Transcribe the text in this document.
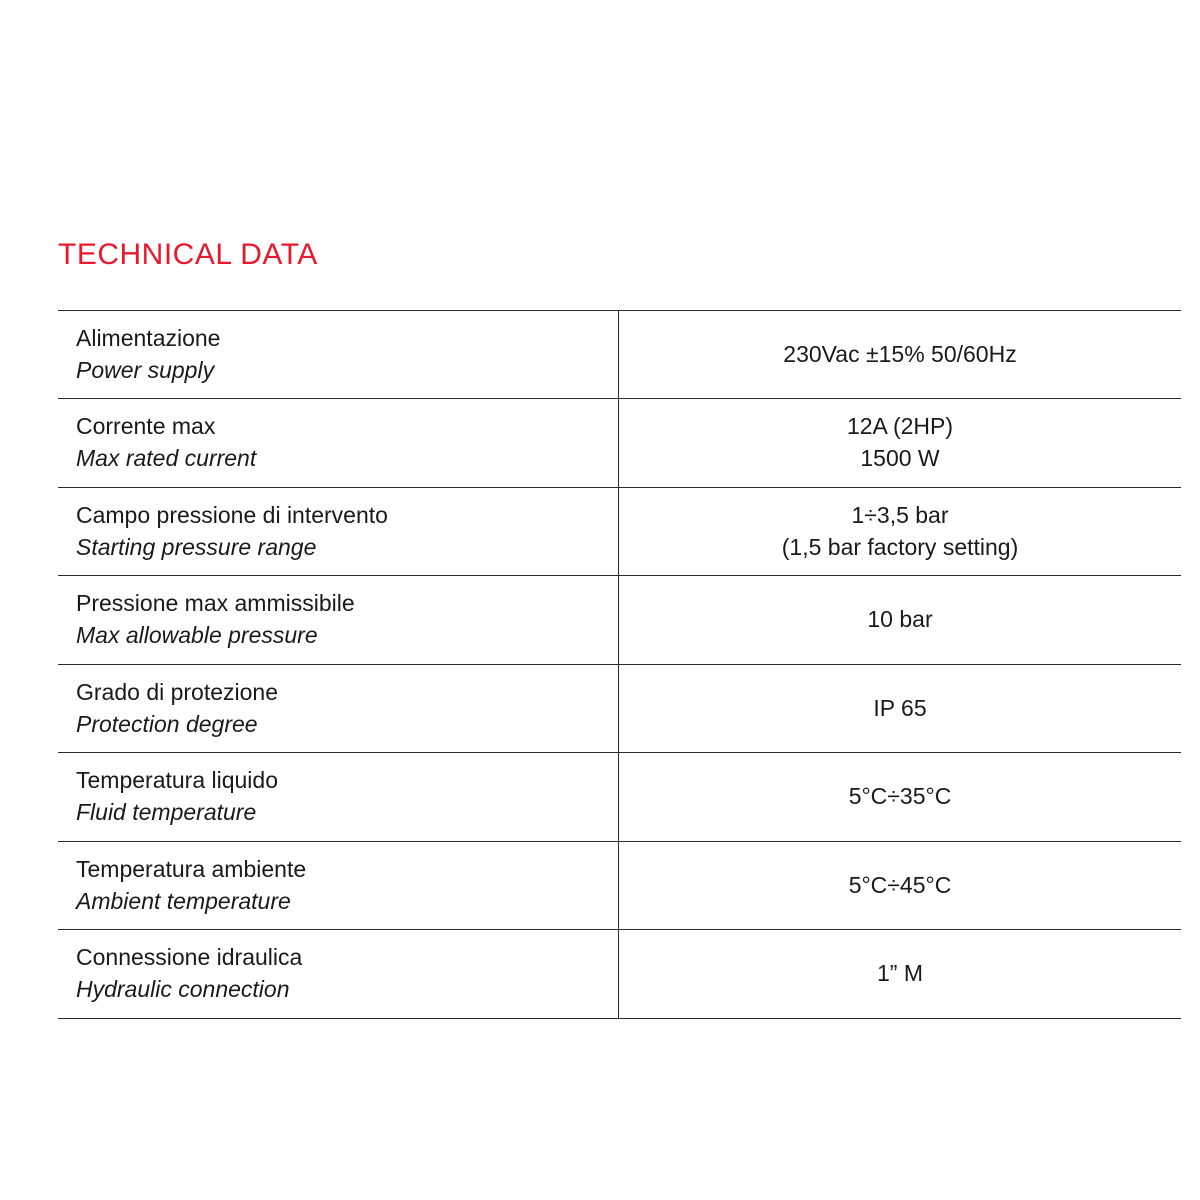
TECHNICAL DATA
Alimentazione
Power supply	230Vac ±15% 50/60Hz

Corrente max
Max rated current	12A (2HP)
1500 W

Campo pressione di intervento
Starting pressure range	1÷3,5 bar
(1,5 bar factory setting)

Pressione max ammissibile
Max allowable pressure	10 bar

Grado di protezione
Protection degree	IP 65

Temperatura liquido
Fluid temperature	5°C÷35°C

Temperatura ambiente
Ambient temperature	5°C÷45°C

Connessione idraulica
Hydraulic connection	1” M
